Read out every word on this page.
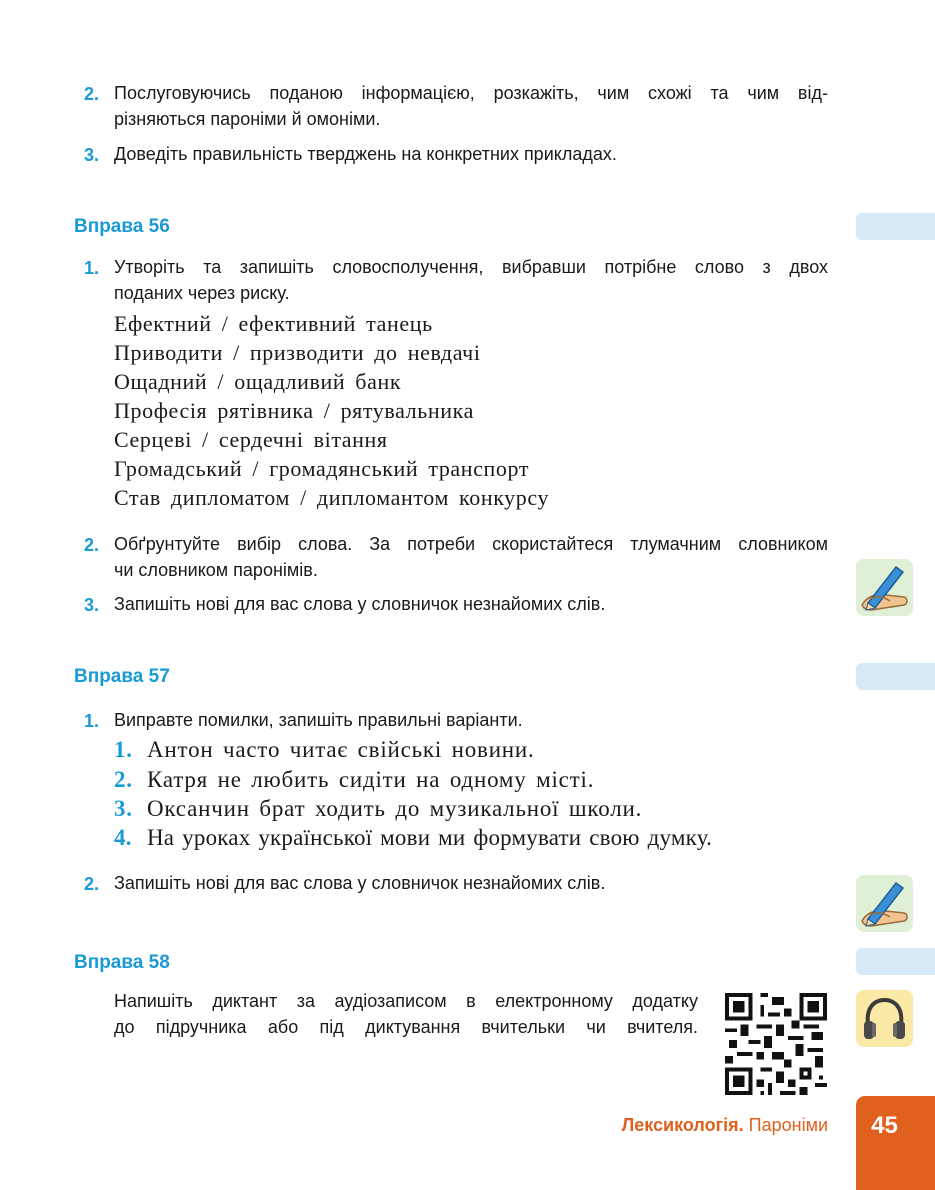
2. Послуговуючись поданою інформацією, розкажіть, чим схожі та чим від-
різняються пароніми й омоніми.
3. Доведіть правильність тверджень на конкретних прикладах.
Вправа 56
1. Утворіть та запишіть словосполучення, вибравши потрібне слово з двох
поданих через риску.
Ефектний / ефективний танець
Приводити / призводити до невдачі
Ощадний / ощадливий банк
Професія рятівника / рятувальника
Серцеві / сердечні вітання
Громадський / громадянський транспорт
Став дипломатом / дипломантом конкурсу
2. Обґрунтуйте вибір слова. За потреби скористайтеся тлумачним словником
чи словником паронімів.
3. Запишіть нові для вас слова у словничок незнайомих слів.
Вправа 57
1. Виправте помилки, запишіть правильні варіанти.
1. Антон часто читає свійські новини.
2. Катря не любить сидіти на одному місті.
3. Оксанчин брат ходить до музикальної школи.
4. На уроках української мови ми формувати свою думку.
2. Запишіть нові для вас слова у словничок незнайомих слів.
Вправа 58
Напишіть диктант за аудіозаписом в електронному додатку
до підручника або під диктування вчительки чи вчителя.
Лексикологія. Пароніми	45
